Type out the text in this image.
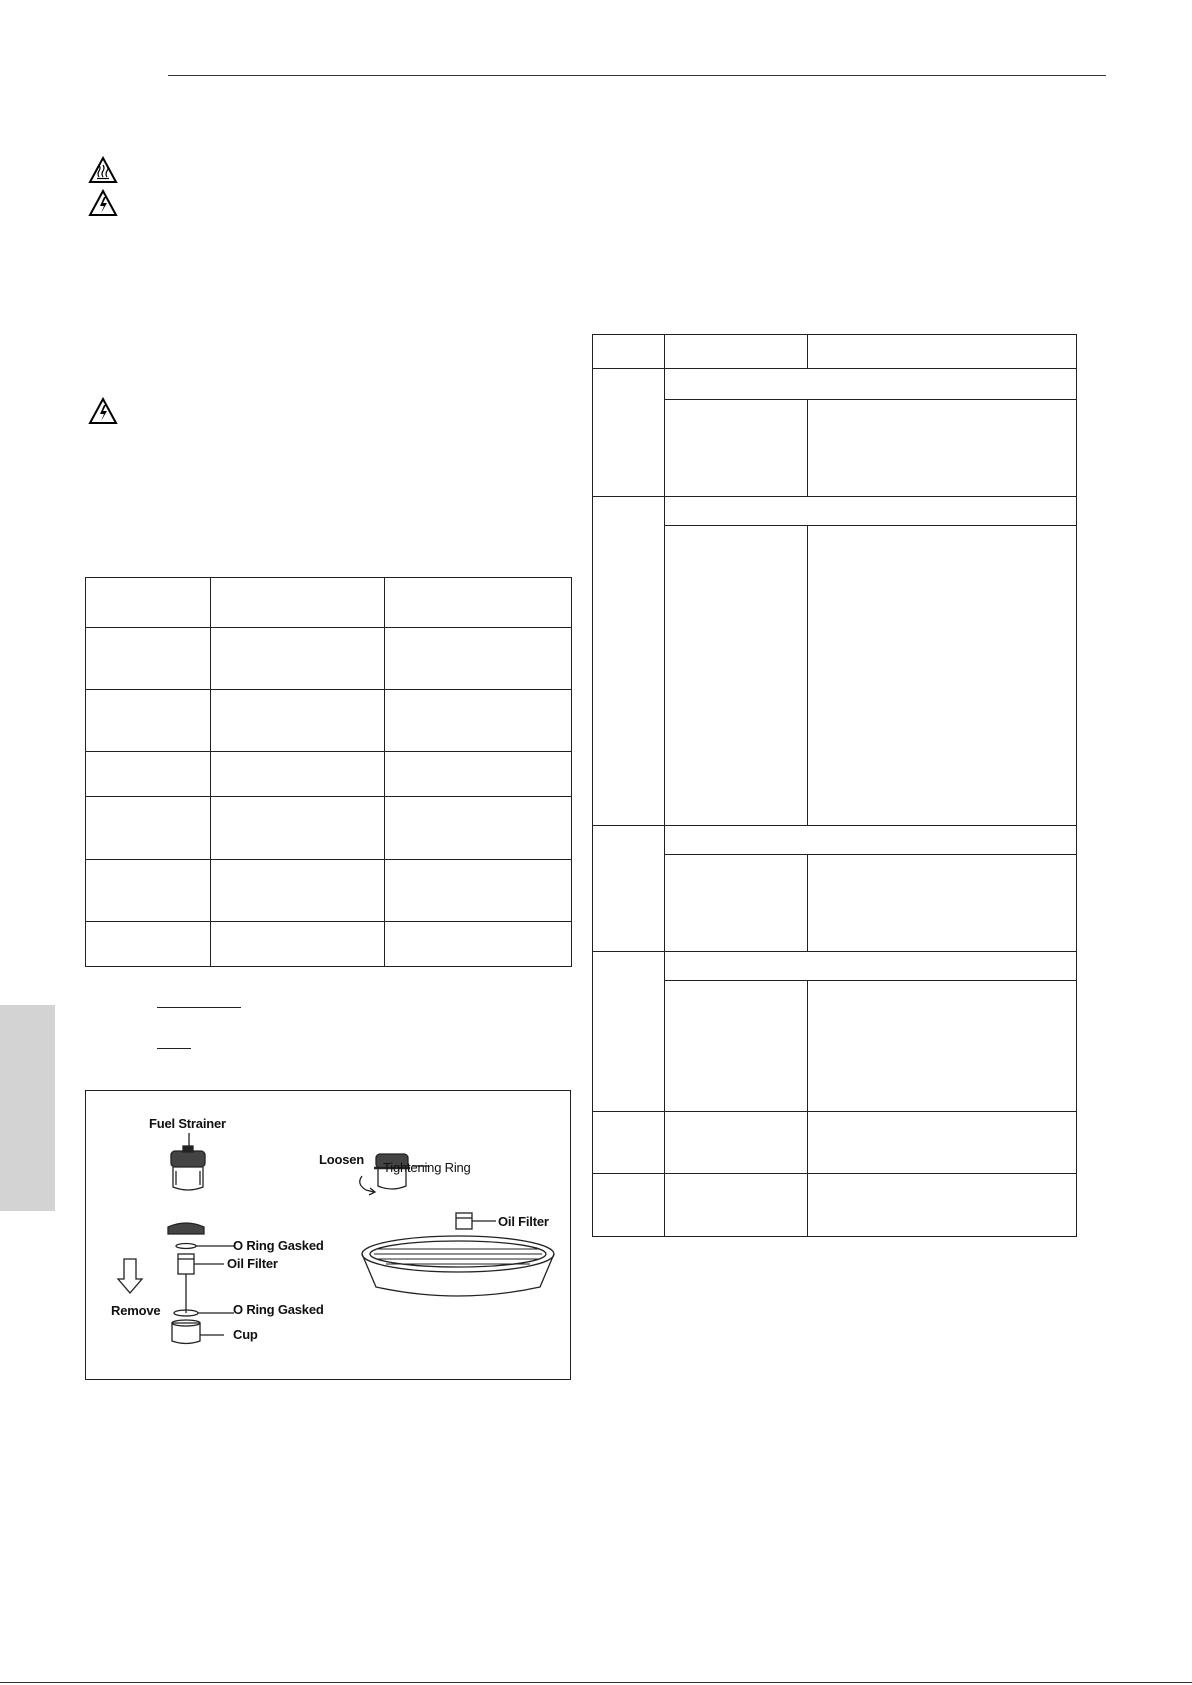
Fuel Strainer
Loosen
Tightening Ring
Oil Filter
O Ring Gasked
Oil Filter
Remove	O Ring Gasked
Cup
